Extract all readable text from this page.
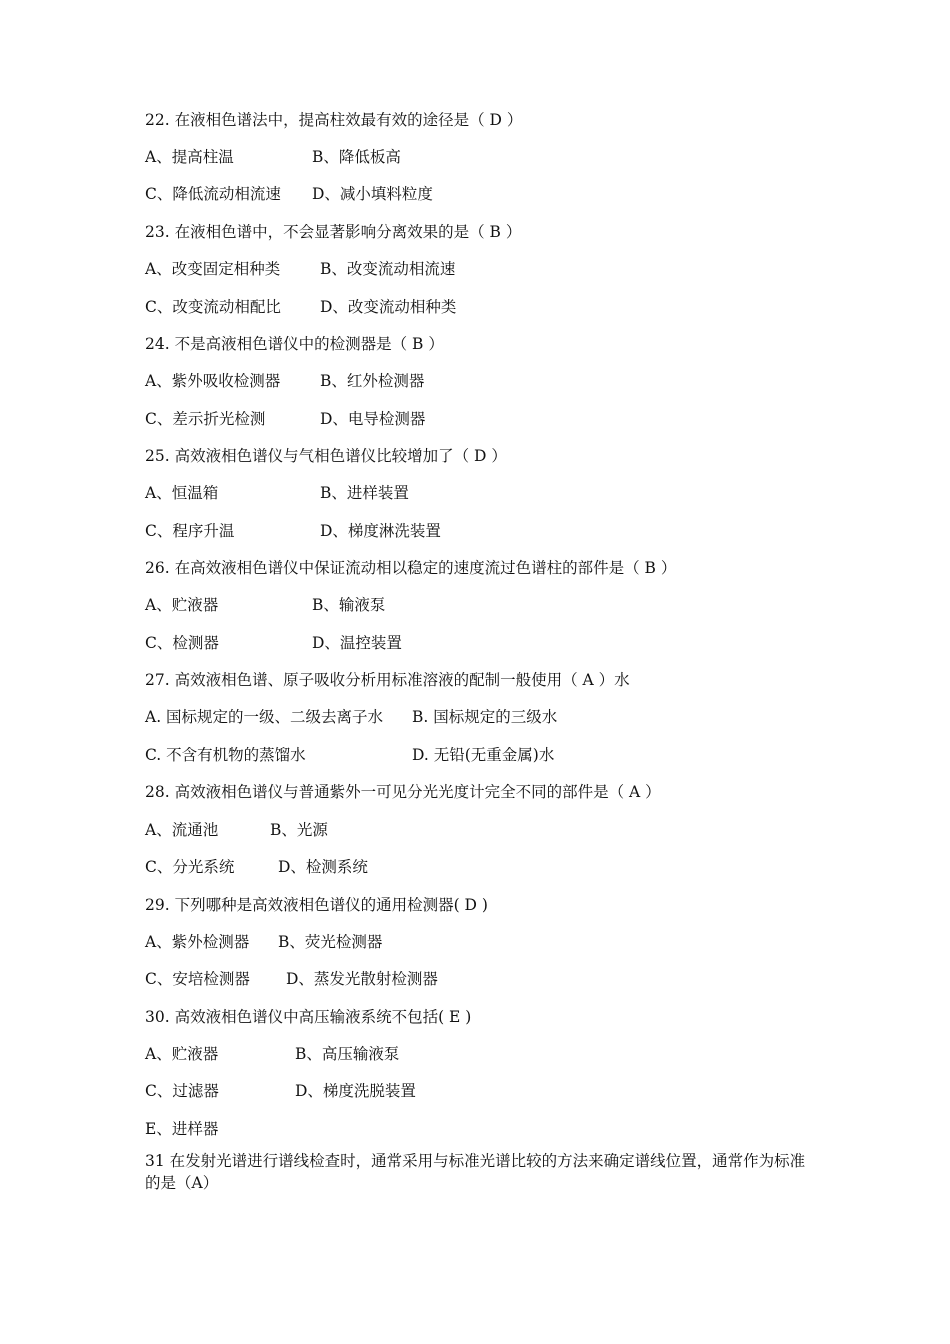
22. 在液相色谱法中，提高柱效最有效的途径是（ D ）
A、提高柱温	B、降低板高
C、降低流动相流速 D、减小填料粒度
23. 在液相色谱中，不会显著影响分离效果的是（ B ）
A、改变固定相种类	B、改变流动相流速
C、改变流动相配比	D、改变流动相种类
24. 不是高液相色谱仪中的检测器是（ B ）
A、紫外吸收检测器	B、红外检测器
C、差示折光检测	D、电导检测器
25. 高效液相色谱仪与气相色谱仪比较增加了（ D ）
A、恒温箱	B、进样装置
C、程序升温	D、梯度淋洗装置
26. 在高效液相色谱仪中保证流动相以稳定的速度流过色谱柱的部件是（ B ）
A、贮液器	B、输液泵
C、检测器	D、温控装置
27. 高效液相色谱、原子吸收分析用标准溶液的配制一般使用（ A ）水
A. 国标规定的一级、二级去离子水 B. 国标规定的三级水
C. 不含有机物的蒸馏水	D. 无铅(无重金属)水
28. 高效液相色谱仪与普通紫外一可见分光光度计完全不同的部件是（ A ）
A、流通池	B、光源
C、分光系统	D、检测系统
29. 下列哪种是高效液相色谱仪的通用检测器( D )
A、紫外检测器 B、荧光检测器
C、安培检测器 D、蒸发光散射检测器
30. 高效液相色谱仪中高压输液系统不包括( E )
A、贮液器	B、高压输液泵
C、过滤器	D、梯度洗脱装置
E、进样器
31 在发射光谱进行谱线检查时，通常采用与标准光谱比较的方法来确定谱线位置，通常作为标准的是（A）
